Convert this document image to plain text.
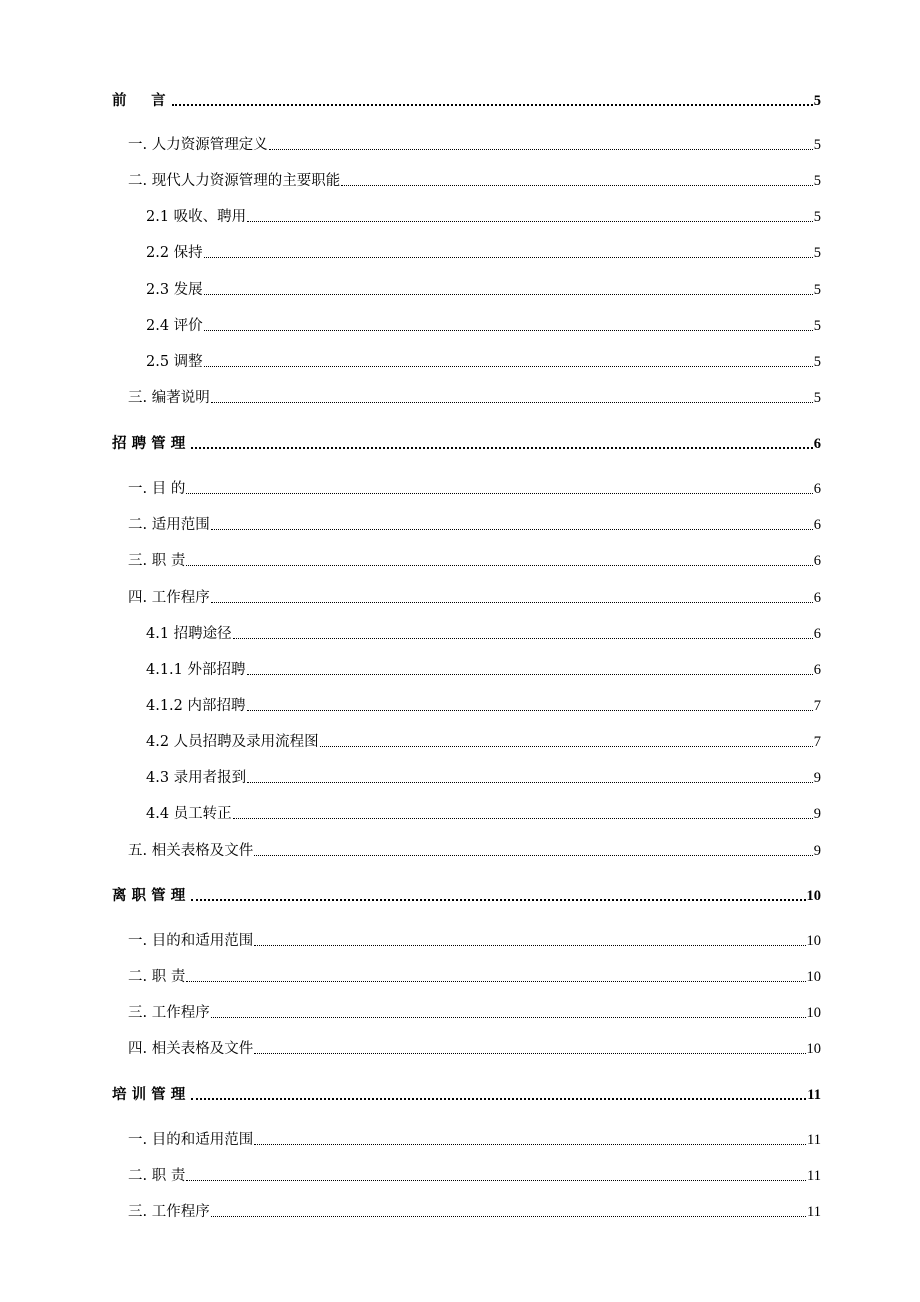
前　言	5
一. 人力资源管理定义	5
二. 现代人力资源管理的主要职能	5
2.1 吸收、聘用	5
2.2 保持	5
2.3 发展	5
2.4 评价	5
2.5 调整	5
三. 编著说明	5
招聘管理	6
一. 目 的	6
二. 适用范围	6
三. 职 责	6
四. 工作程序	6
4.1 招聘途径	6
4.1.1 外部招聘	6
4.1.2 内部招聘	7
4.2 人员招聘及录用流程图	7
4.3 录用者报到	9
4.4 员工转正	9
五. 相关表格及文件	9
离职管理	10
一. 目的和适用范围	10
二. 职 责	10
三. 工作程序	10
四. 相关表格及文件	10
培训管理	11
一. 目的和适用范围	11
二. 职 责	11
三. 工作程序	11
